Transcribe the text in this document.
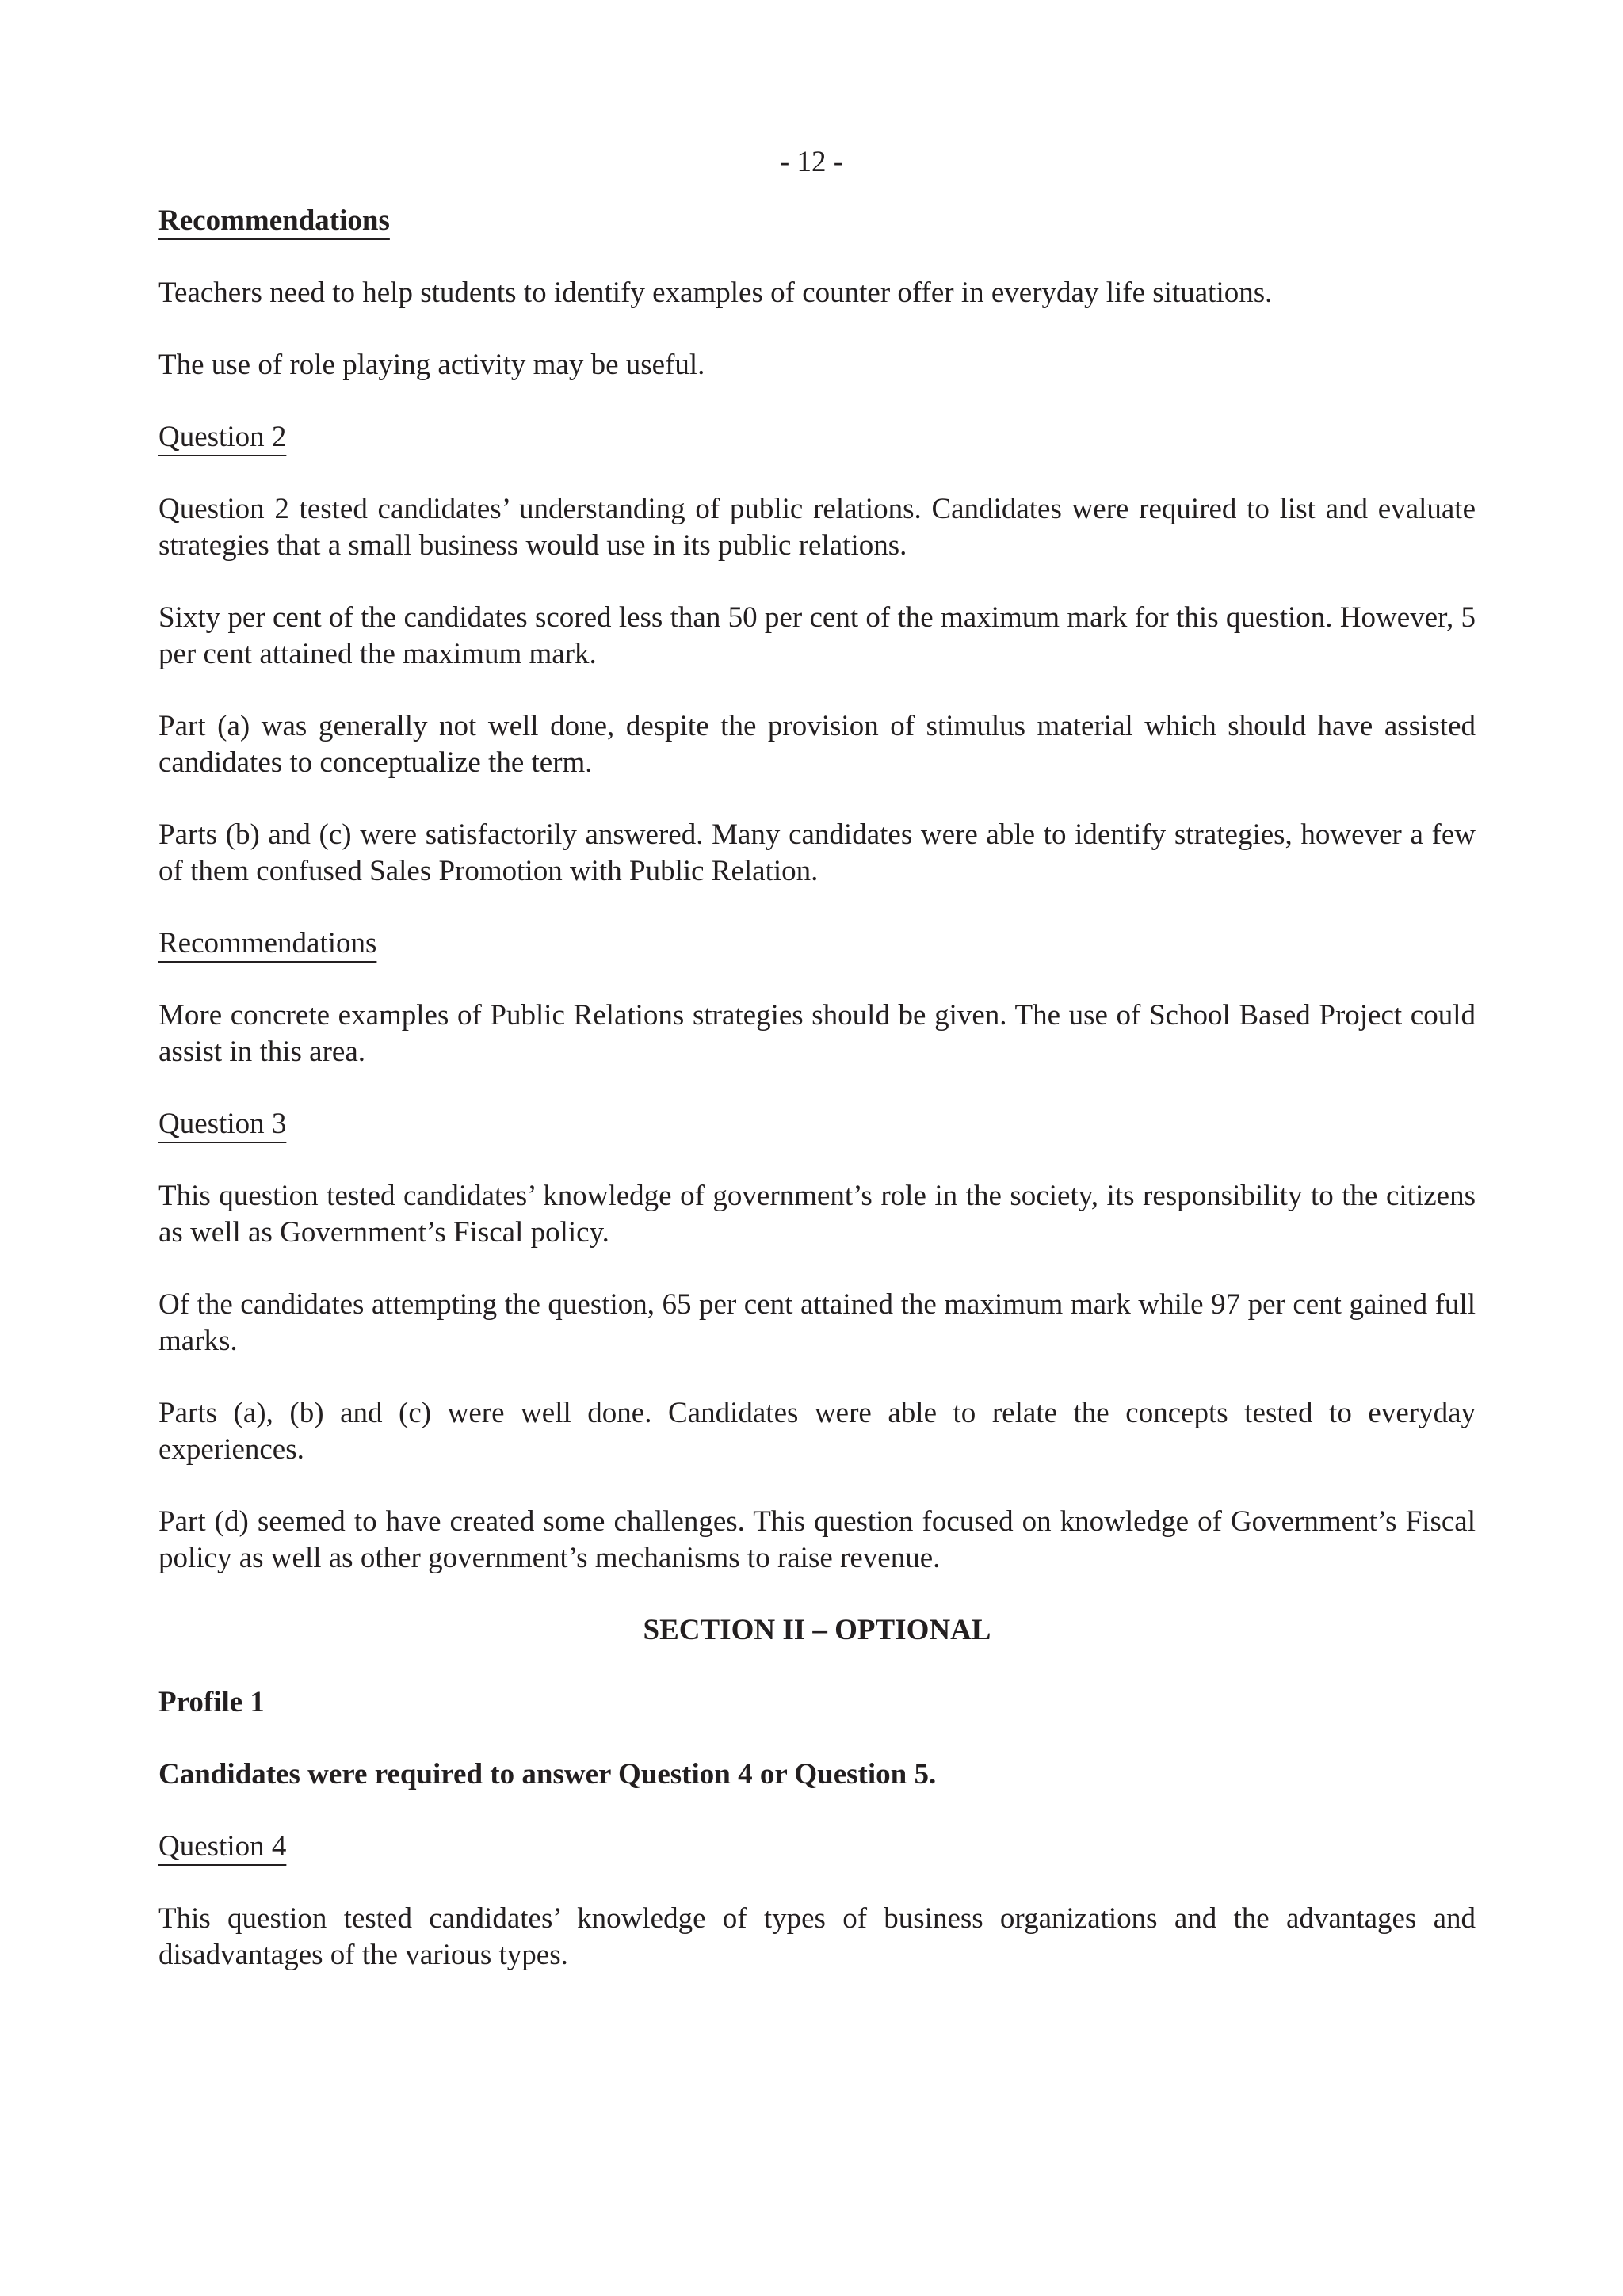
- 12 -
Recommendations

Teachers need to help students to identify examples of counter offer in everyday life situations.

The use of role playing activity may be useful.

Question 2

Question 2 tested candidates’ understanding of public relations. Candidates were required to list and evaluate strategies that a small business would use in its public relations.

Sixty per cent of the candidates scored less than 50 per cent of the maximum mark for this question. However, 5 per cent attained the maximum mark.

Part (a) was generally not well done, despite the provision of stimulus material which should have assisted candidates to conceptualize the term.

Parts (b) and (c) were satisfactorily answered. Many candidates were able to identify strategies, however a few of them confused Sales Promotion with Public Relation.

Recommendations

More concrete examples of Public Relations strategies should be given. The use of School Based Project could assist in this area.

Question 3

This question tested candidates’ knowledge of government’s role in the society, its responsibility to the citizens as well as Government’s Fiscal policy.

Of the candidates attempting the question, 65 per cent attained the maximum mark while 97 per cent gained full marks.

Parts (a), (b) and (c) were well done. Candidates were able to relate the concepts tested to everyday experiences.

Part (d) seemed to have created some challenges. This question focused on knowledge of Government’s Fiscal policy as well as other government’s mechanisms to raise revenue.

SECTION II – OPTIONAL
Profile 1
Candidates were required to answer Question 4 or Question 5.
Question 4

This question tested candidates’ knowledge of types of business organizations and the advantages and disadvantages of the various types.
